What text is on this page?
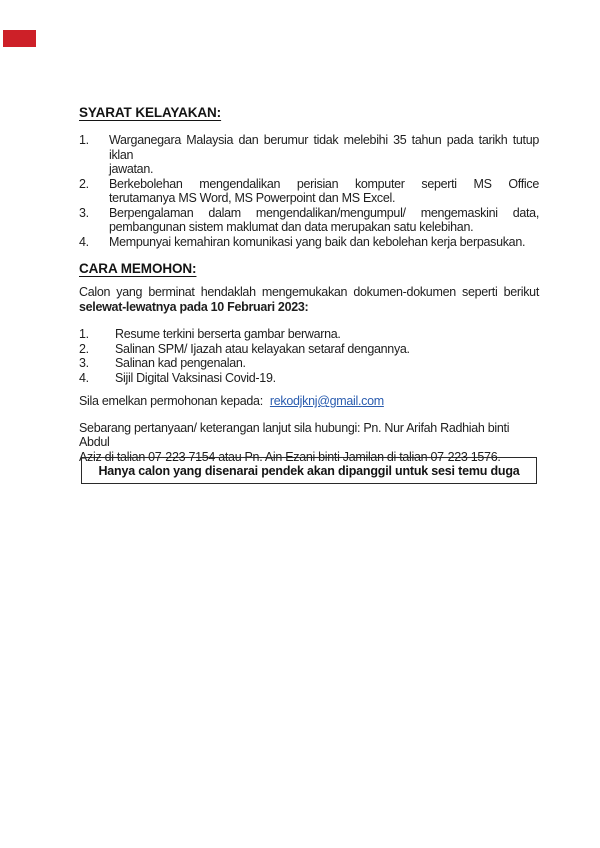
SYARAT KELAYAKAN:
1.	Warganegara Malaysia dan berumur tidak melebihi 35 tahun pada tarikh tutup iklan
jawatan.
2.	Berkebolehan mengendalikan perisian komputer seperti MS Office
terutamanya MS Word, MS Powerpoint dan MS Excel.
3.	Berpengalaman dalam mengendalikan/mengumpul/ mengemaskini data,
pembangunan sistem maklumat dan data merupakan satu kelebihan.
4.	Mempunyai kemahiran komunikasi yang baik dan kebolehan kerja berpasukan.
CARA MEMOHON:
Calon yang berminat hendaklah mengemukakan dokumen-dokumen seperti berikut
selewat-lewatnya pada 10 Februari 2023:
1.	Resume terkini berserta gambar berwarna.
2.	Salinan SPM/ Ijazah atau kelayakan setaraf dengannya.
3.	Salinan kad pengenalan.
4.	Sijil Digital Vaksinasi Covid-19.
Sila emelkan permohonan kepada: rekodjknj@gmail.com
Sebarang pertanyaan/ keterangan lanjut sila hubungi: Pn. Nur Arifah Radhiah binti Abdul
Aziz di talian 07-223 7154 atau Pn. Ain Ezani binti Jamilan di talian 07-223 1576.
Hanya calon yang disenarai pendek akan dipanggil untuk sesi temu duga
